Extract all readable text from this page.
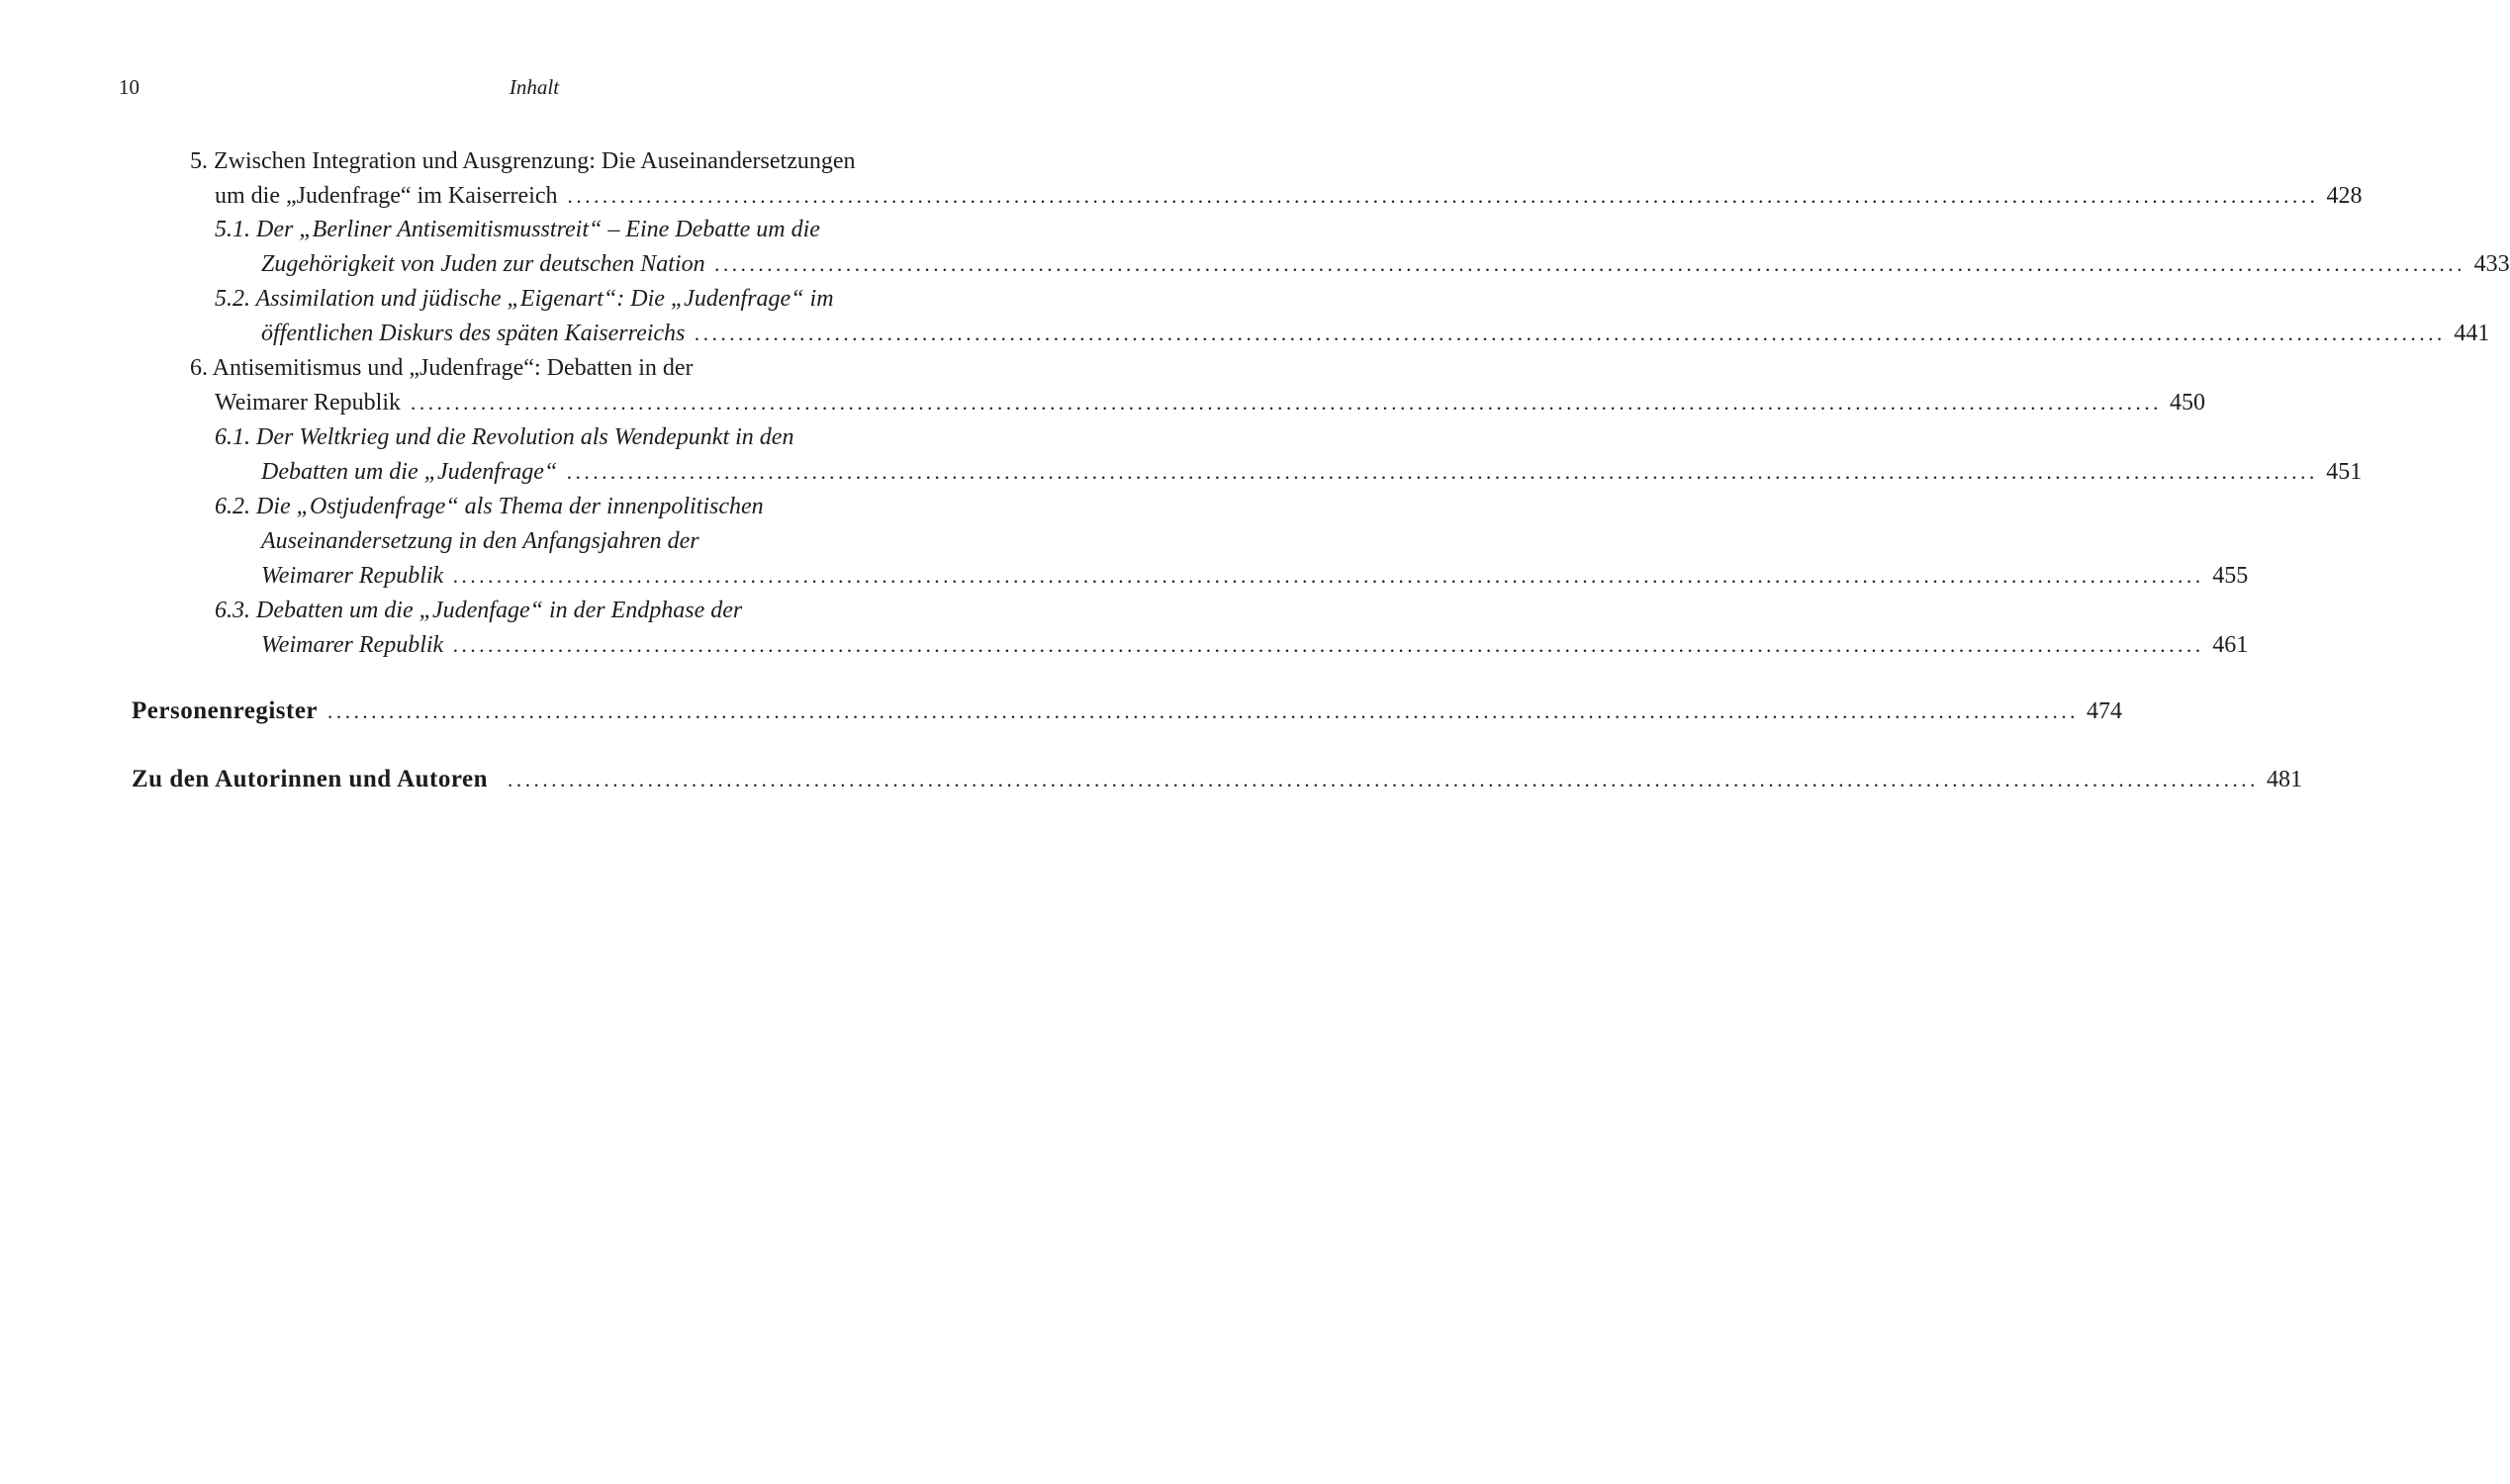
10	Inhalt
5. Zwischen Integration und Ausgrenzung: Die Auseinandersetzungen
um die „Judenfrage“ im Kaiserreich ........................................................................................................................................................................................................ 428
5.1. Der „Berliner Antisemitismusstreit“ – Eine Debatte um die
Zugehörigkeit von Juden zur deutschen Nation ........................................................................................................................................................................................................ 433
5.2. Assimilation und jüdische „Eigenart“: Die „Judenfrage“ im
öffentlichen Diskurs des späten Kaiserreichs ........................................................................................................................................................................................................ 441
6. Antisemitismus und „Judenfrage“: Debatten in der
Weimarer Republik ........................................................................................................................................................................................................ 450
6.1. Der Weltkrieg und die Revolution als Wendepunkt in den
Debatten um die „Judenfrage“ ........................................................................................................................................................................................................ 451
6.2. Die „Ostjudenfrage“ als Thema der innenpolitischen
Auseinandersetzung in den Anfangsjahren der
Weimarer Republik ........................................................................................................................................................................................................ 455
6.3. Debatten um die „Judenfage“ in der Endphase der
Weimarer Republik ........................................................................................................................................................................................................ 461
Personenregister ........................................................................................................................................................................................................ 474
Zu den Autorinnen und Autoren ........................................................................................................................................................................................................ 481
